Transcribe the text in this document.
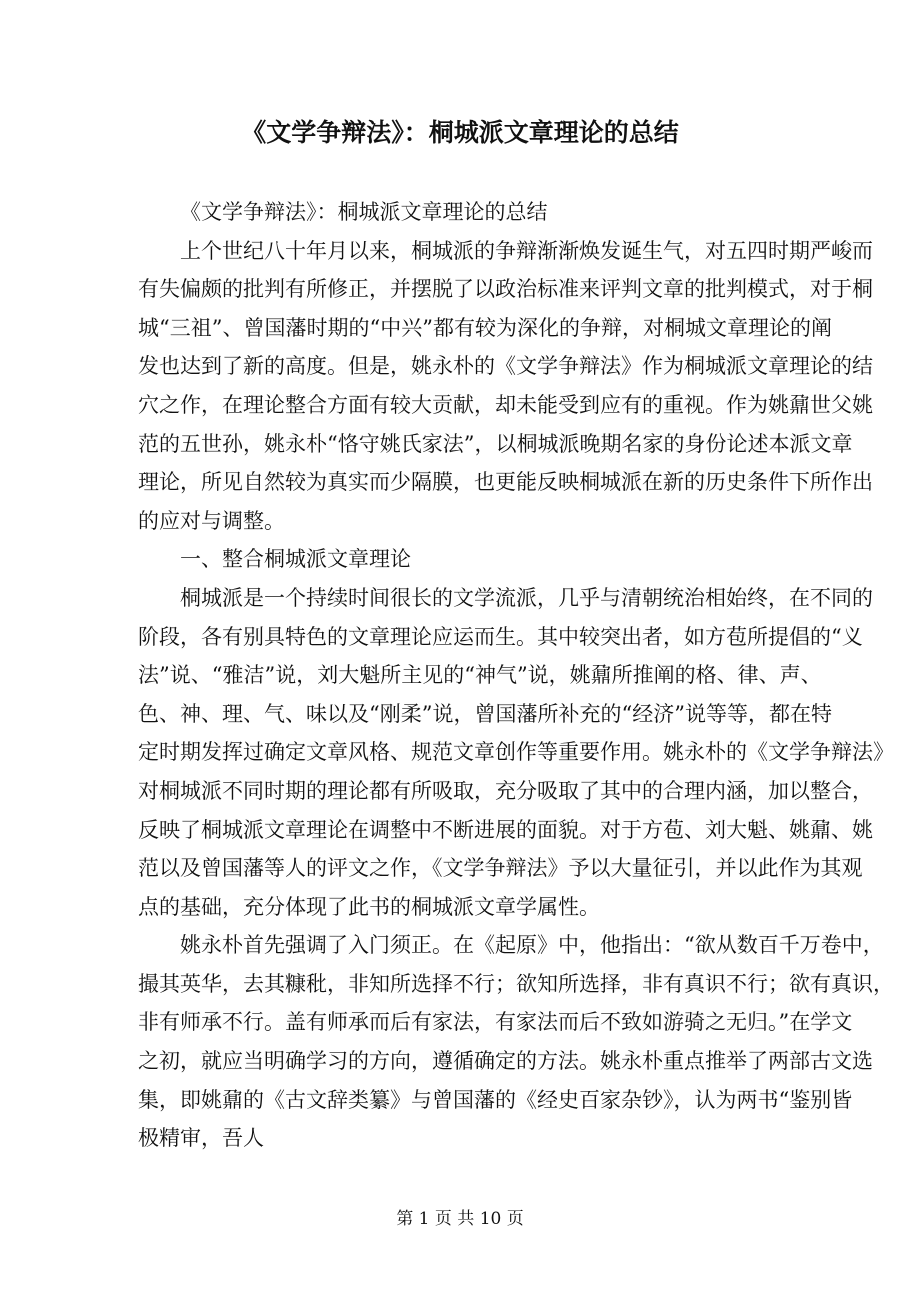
《文学争辩法》：桐城派文章理论的总结
《文学争辩法》：桐城派文章理论的总结
上个世纪八十年月以来，桐城派的争辩渐渐焕发诞生气，对五四时期严峻而
有失偏颇的批判有所修正，并摆脱了以政治标准来评判文章的批判模式，对于桐
城“三祖”、曾国藩时期的“中兴”都有较为深化的争辩，对桐城文章理论的阐
发也达到了新的高度。但是，姚永朴的《文学争辩法》作为桐城派文章理论的结
穴之作，在理论整合方面有较大贡献，却未能受到应有的重视。作为姚鼐世父姚
范的五世孙，姚永朴“恪守姚氏家法”，以桐城派晚期名家的身份论述本派文章
理论，所见自然较为真实而少隔膜，也更能反映桐城派在新的历史条件下所作出
的应对与调整。
一、整合桐城派文章理论
桐城派是一个持续时间很长的文学流派，几乎与清朝统治相始终，在不同的
阶段，各有别具特色的文章理论应运而生。其中较突出者，如方苞所提倡的“义
法”说、“雅洁”说，刘大魁所主见的“神气”说，姚鼐所推阐的格、律、声、
色、神、理、气、味以及“刚柔”说，曾国藩所补充的“经济”说等等，都在特
定时期发挥过确定文章风格、规范文章创作等重要作用。姚永朴的《文学争辩法》
对桐城派不同时期的理论都有所吸取，充分吸取了其中的合理内涵，加以整合，
反映了桐城派文章理论在调整中不断进展的面貌。对于方苞、刘大魁、姚鼐、姚
范以及曾国藩等人的评文之作，《文学争辩法》予以大量征引，并以此作为其观
点的基础，充分体现了此书的桐城派文章学属性。
姚永朴首先强调了入门须正。在《起原》中，他指出：“欲从数百千万卷中，
撮其英华，去其糠秕，非知所选择不行；欲知所选择，非有真识不行；欲有真识，
非有师承不行。盖有师承而后有家法，有家法而后不致如游骑之无归。”在学文
之初，就应当明确学习的方向，遵循确定的方法。姚永朴重点推举了两部古文选
集，即姚鼐的《古文辞类纂》与曾国藩的《经史百家杂钞》，认为两书“鉴别皆
极精审，吾人
第 1 页 共 10 页
